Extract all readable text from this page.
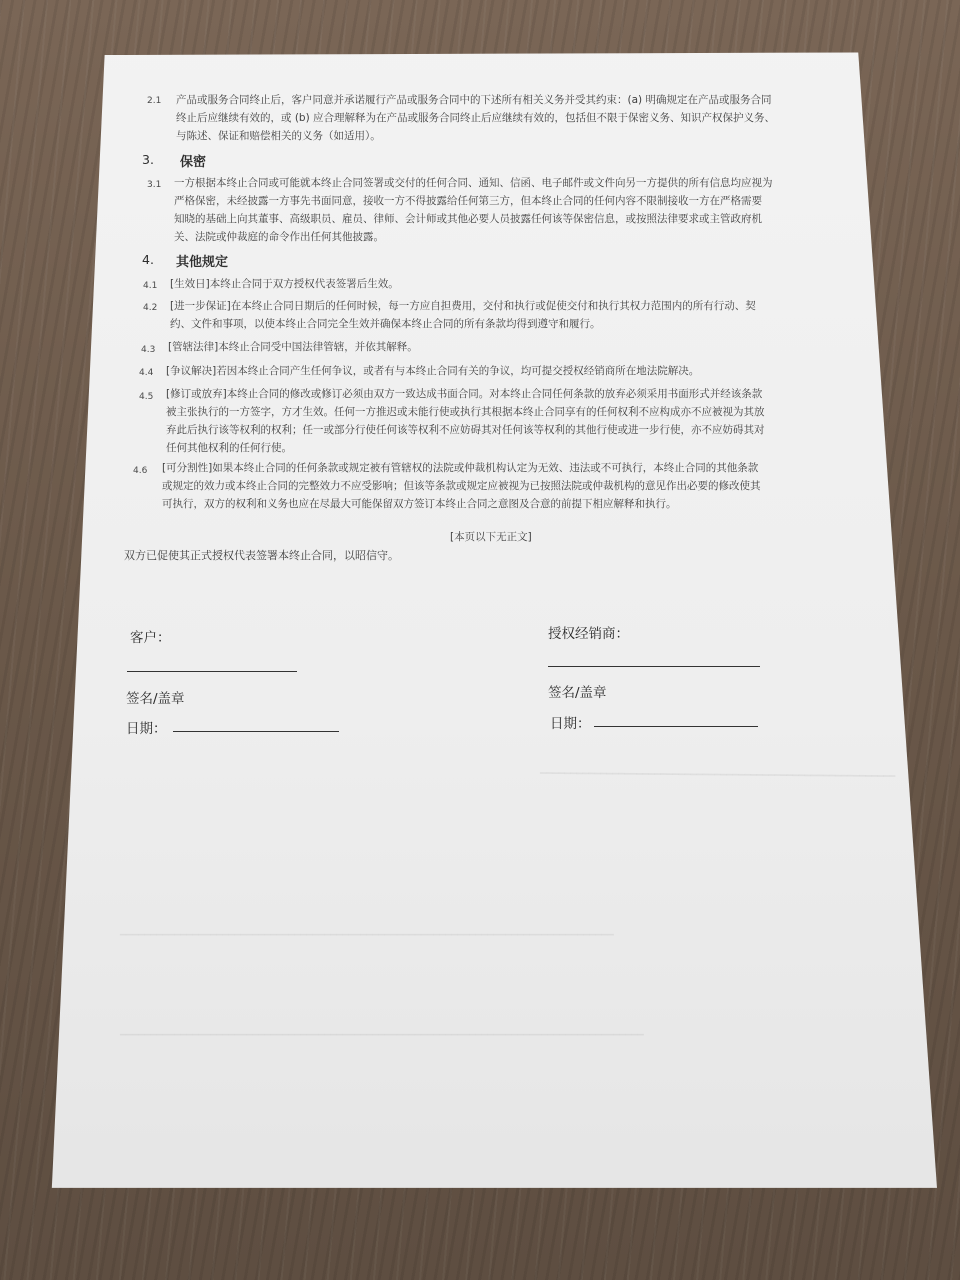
━━━━━━━━━━━━━━━━━━━━━━━━━━━━━━━━━━━━━━━━━━━━━━━━━━━━━━━━━━━
━━━━━━━━━━━━━━━━━━━━━━━━━━━━━━━━━━━━━━━━━━━━━━━━━━━━━━━━━━━━━━━━━━━━━━━━━━━━━━━━━━
━━━━━━━━━━━━━━━━━━━━━━━━━━━━━━━━━━━━━━━━━━━━━━━━━━━━━━━━━━━━━━━━━━━━━━━━━━━━━━━━━━━━━━━
2.1 产品或服务合同终止后，客户同意并承诺履行产品或服务合同中的下述所有相关义务并受其约束：(a) 明确规定在产品或服务合同
终止后应继续有效的，或 (b) 应合理解释为在产品或服务合同终止后应继续有效的，包括但不限于保密义务、知识产权保护义务、
与陈述、保证和赔偿相关的义务（如适用）。
3. 保密
3.1 一方根据本终止合同或可能就本终止合同签署或交付的任何合同、通知、信函、电子邮件或文件向另一方提供的所有信息均应视为
严格保密，未经披露一方事先书面同意，接收一方不得披露给任何第三方，但本终止合同的任何内容不限制接收一方在严格需要
知晓的基础上向其董事、高级职员、雇员、律师、会计师或其他必要人员披露任何该等保密信息，或按照法律要求或主管政府机
关、法院或仲裁庭的命令作出任何其他披露。
4. 其他规定
4.1 [生效日]本终止合同于双方授权代表签署后生效。
4.2 [进一步保证]在本终止合同日期后的任何时候，每一方应自担费用，交付和执行或促使交付和执行其权力范围内的所有行动、契
约、文件和事项，以使本终止合同完全生效并确保本终止合同的所有条款均得到遵守和履行。
4.3 [管辖法律]本终止合同受中国法律管辖，并依其解释。
4.4 [争议解决]若因本终止合同产生任何争议，或者有与本终止合同有关的争议，均可提交授权经销商所在地法院解决。
4.5 [修订或放弃]本终止合同的修改或修订必须由双方一致达成书面合同。对本终止合同任何条款的放弃必须采用书面形式并经该条款
被主张执行的一方签字，方才生效。任何一方推迟或未能行使或执行其根据本终止合同享有的任何权利不应构成亦不应被视为其放
弃此后执行该等权利的权利；任一或部分行使任何该等权利不应妨碍其对任何该等权利的其他行使或进一步行使，亦不应妨碍其对
任何其他权利的任何行使。
4.6 [可分割性]如果本终止合同的任何条款或规定被有管辖权的法院或仲裁机构认定为无效、违法或不可执行，本终止合同的其他条款
或规定的效力或本终止合同的完整效力不应受影响；但该等条款或规定应被视为已按照法院或仲裁机构的意见作出必要的修改使其
可执行，双方的权利和义务也应在尽最大可能保留双方签订本终止合同之意图及合意的前提下相应解释和执行。
[本页以下无正文]
双方已促使其正式授权代表签署本终止合同，以昭信守。
客户：
签名/盖章
日期：
授权经销商：
签名/盖章
日期：
